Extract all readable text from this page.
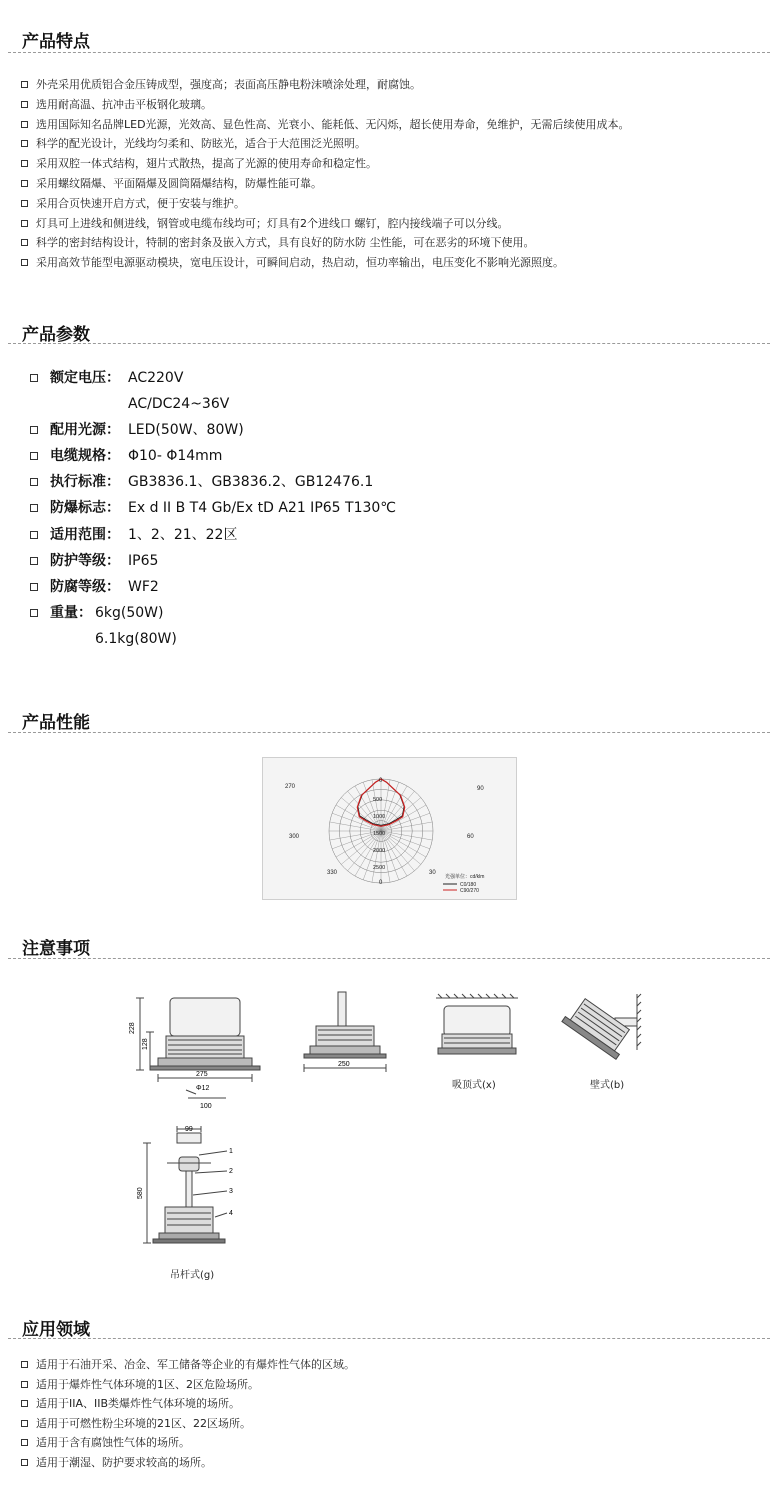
产品特点
外壳采用优质铝合金压铸成型，强度高；表面高压静电粉沫喷涂处理，耐腐蚀。
选用耐高温、抗冲击平板钢化玻璃。
选用国际知名品牌LED光源，光效高、显色性高、光衰小、能耗低、无闪烁，超长使用寿命，免维护，无需后续使用成本。
科学的配光设计，光线均匀柔和、防眩光，适合于大范围泛光照明。
采用双腔一体式结构，翅片式散热，提高了光源的使用寿命和稳定性。
采用螺纹隔爆、平面隔爆及圆筒隔爆结构，防爆性能可靠。
采用合页快速开启方式，便于安装与维护。
灯具可上进线和侧进线，钢管或电缆布线均可；灯具有2个进线口 螺钉，腔内接线端子可以分线。
科学的密封结构设计，特制的密封条及嵌入方式，具有良好的防水防 尘性能，可在恶劣的环境下使用。
采用高效节能型电源驱动模块，宽电压设计，可瞬间启动，热启动，恒功率输出，电压变化不影响光源照度。
产品参数
额定电压： AC220V
AC/DC24~36V
配用光源： LED(50W、80W)
电缆规格： Φ10- Φ14mm
执行标准： GB3836.1、GB3836.2、GB12476.1
防爆标志： Ex d II B T4 Gb/Ex tD A21 IP65 T130℃
适用范围： 1、2、21、22区
防护等级： IP65
防腐等级： WF2
重量： 6kg(50W)
6.1kg(80W)
产品性能
270
0
90
300	60
330	30
0
500
1000
1500
2000
2500
光强单位：cd/klm
C0/180
C90/270
注意事项
228
128
275
Φ12
100
250
吸顶式(x)	壁式(b)
99
580
1
2
3
4
吊杆式(g)
应用领域
适用于石油开采、冶金、军工储备等企业的有爆炸性气体的区域。
适用于爆炸性气体环境的1区、2区危险场所。
适用于IIA、IIB类爆炸性气体环境的场所。
适用于可燃性粉尘环境的21区、22区场所。
适用于含有腐蚀性气体的场所。
适用于潮湿、防护要求较高的场所。
